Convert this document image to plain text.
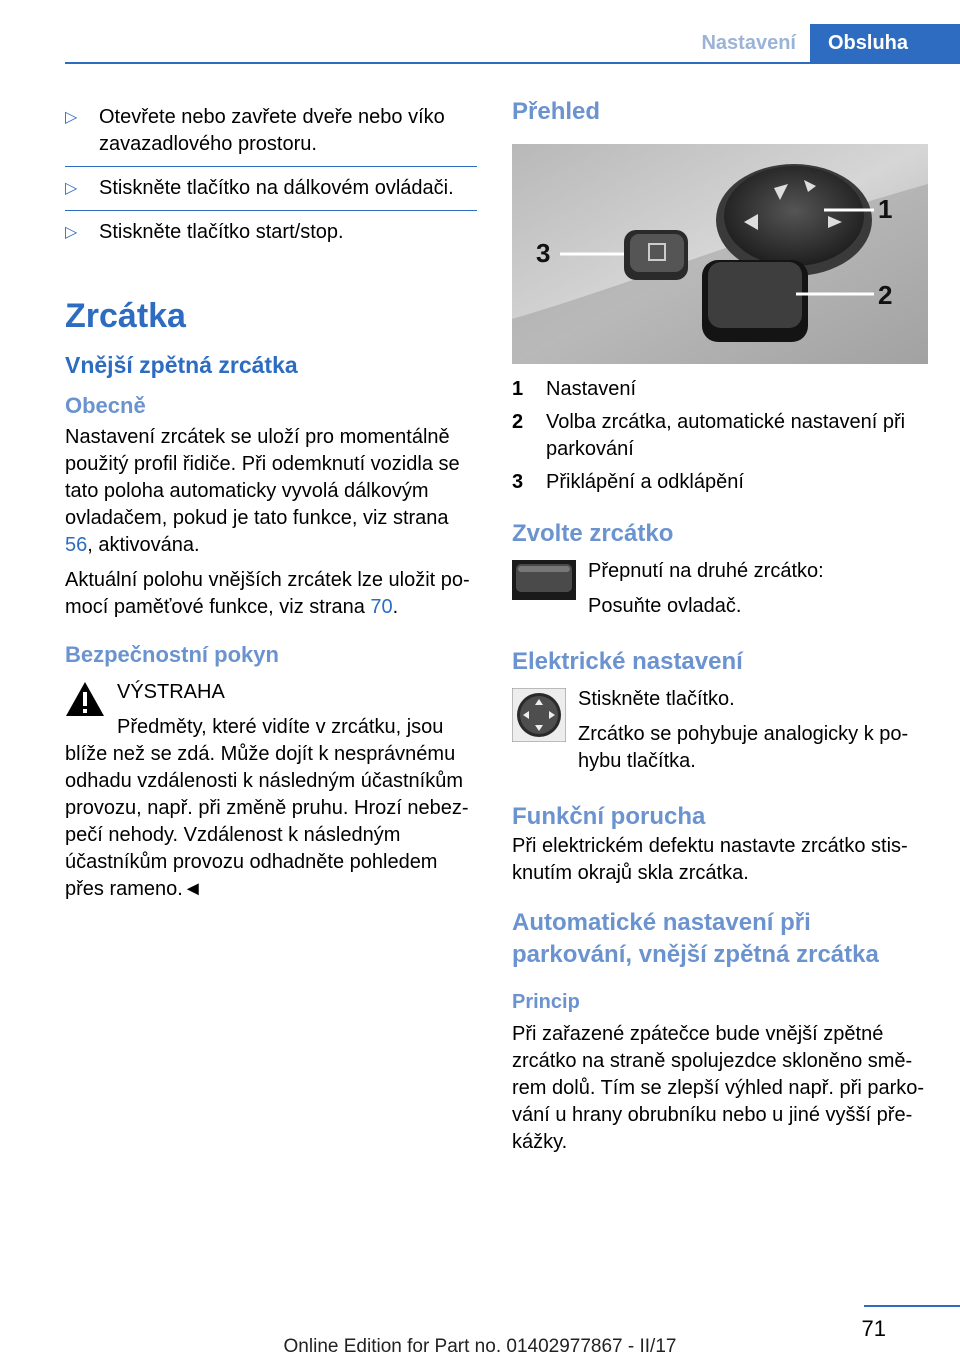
Nastavení	Obsluha
▷ Otevřete nebo zavřete dveře nebo víko zavazadlového prostoru.
▷ Stiskněte tlačítko na dálkovém ovládači.
▷ Stiskněte tlačítko start/stop.
Zrcátka
Vnější zpětná zrcátka
Obecně

Nastavení zrcátek se uloží pro momentálně použitý profil řidiče. Při odemknutí vozidla se tato poloha automaticky vyvolá dálkovým ovladačem, pokud je tato funkce, viz strana 56, aktivována.

Aktuální polohu vnějších zrcátek lze uložit pomocí paměťové funkce, viz strana 70.

Bezpečnostní pokyn

VÝSTRAHA

Předměty, které vidíte v zrcátku, jsou blíže než se zdá. Může dojít k nesprávnému odhadu vzdálenosti k následným účastníkům provozu, např. při změně pruhu. Hrozí nebezpečí nehody. Vzdálenost k následným účastníkům provozu odhadněte pohledem přes rameno.◄

Přehled
1
2
3
1	Nastavení
2	Volba zrcátka, automatické nastavení při parkování
3	Přiklápění a odklápění
Zvolte zrcátko

Přepnutí na druhé zrcátko:

Posuňte ovladač.

Elektrické nastavení

Stiskněte tlačítko.

Zrcátko se pohybuje analogicky k pohybu tlačítka.

Funkční porucha

Při elektrickém defektu nastavte zrcátko stisknutím okrajů skla zrcátka.

Automatické nastavení při parkování, vnější zpětná zrcátka
Princip

Při zařazené zpátečce bude vnější zpětné zrcátko na straně spolujezdce skloněno směrem dolů. Tím se zlepší výhled např. při parkování u hrany obrubníku nebo u jiné vyšší překážky.

71
Online Edition for Part no. 01402977867 - II/17
